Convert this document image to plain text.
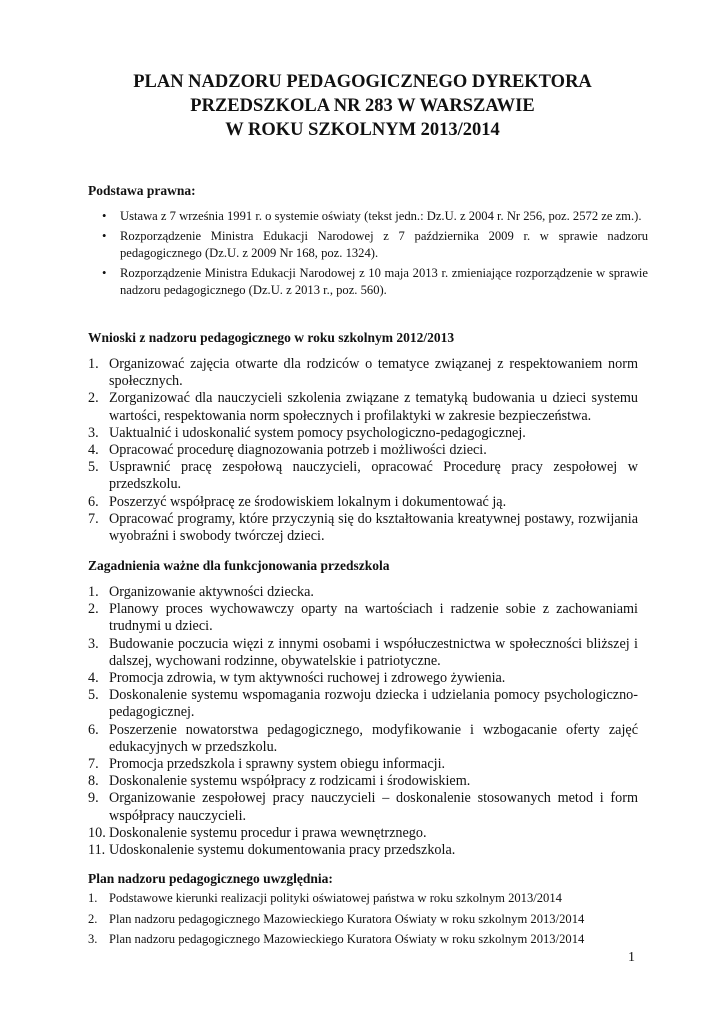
PLAN NADZORU PEDAGOGICZNEGO DYREKTORA
PRZEDSZKOLA NR 283 W WARSZAWIE
W ROKU SZKOLNYM 2013/2014
Podstawa prawna:
• Ustawa z 7 września 1991 r. o systemie oświaty (tekst jedn.: Dz.U. z 2004 r. Nr 256, poz. 2572 ze zm.).
• Rozporządzenie Ministra Edukacji Narodowej z 7 października 2009 r. w sprawie nadzoru pedagogicznego (Dz.U. z 2009 Nr 168, poz. 1324).
• Rozporządzenie Ministra Edukacji Narodowej z 10 maja 2013 r. zmieniające rozporządzenie w sprawie nadzoru pedagogicznego (Dz.U. z 2013 r., poz. 560).
Wnioski z nadzoru pedagogicznego w roku szkolnym 2012/2013
1. Organizować zajęcia otwarte dla rodziców o tematyce związanej z respektowaniem norm społecznych.
2. Zorganizować dla nauczycieli szkolenia związane z tematyką budowania u dzieci systemu wartości, respektowania norm społecznych i profilaktyki w zakresie bezpieczeństwa.
3. Uaktualnić i udoskonalić system pomocy psychologiczno-pedagogicznej.
4. Opracować procedurę diagnozowania potrzeb i możliwości dzieci.
5. Usprawnić pracę zespołową nauczycieli, opracować Procedurę pracy zespołowej w przedszkolu.
6. Poszerzyć współpracę ze środowiskiem lokalnym i dokumentować ją.
7. Opracować programy, które przyczynią się do kształtowania kreatywnej postawy, rozwijania wyobraźni i swobody twórczej dzieci.
Zagadnienia ważne dla funkcjonowania przedszkola
1. Organizowanie aktywności dziecka.
2. Planowy proces wychowawczy oparty na wartościach i radzenie sobie z zachowaniami trudnymi u dzieci.
3. Budowanie poczucia więzi z innymi osobami i współuczestnictwa w społeczności bliższej i dalszej, wychowani rodzinne, obywatelskie i patriotyczne.
4. Promocja zdrowia, w tym aktywności ruchowej i zdrowego żywienia.
5. Doskonalenie systemu wspomagania rozwoju dziecka i udzielania pomocy psychologiczno-pedagogicznej.
6. Poszerzenie nowatorstwa pedagogicznego, modyfikowanie i wzbogacanie oferty zajęć edukacyjnych w przedszkolu.
7. Promocja przedszkola i sprawny system obiegu informacji.
8. Doskonalenie systemu współpracy z rodzicami i środowiskiem.
9. Organizowanie zespołowej pracy nauczycieli – doskonalenie stosowanych metod i form współpracy nauczycieli.
10. Doskonalenie systemu procedur i prawa wewnętrznego.
11. Udoskonalenie systemu dokumentowania pracy przedszkola.
Plan nadzoru pedagogicznego uwzględnia:
1. Podstawowe kierunki realizacji polityki oświatowej państwa w roku szkolnym 2013/2014
2. Plan nadzoru pedagogicznego Mazowieckiego Kuratora Oświaty w roku szkolnym 2013/2014
3. Plan nadzoru pedagogicznego Mazowieckiego Kuratora Oświaty w roku szkolnym 2013/2014
1
